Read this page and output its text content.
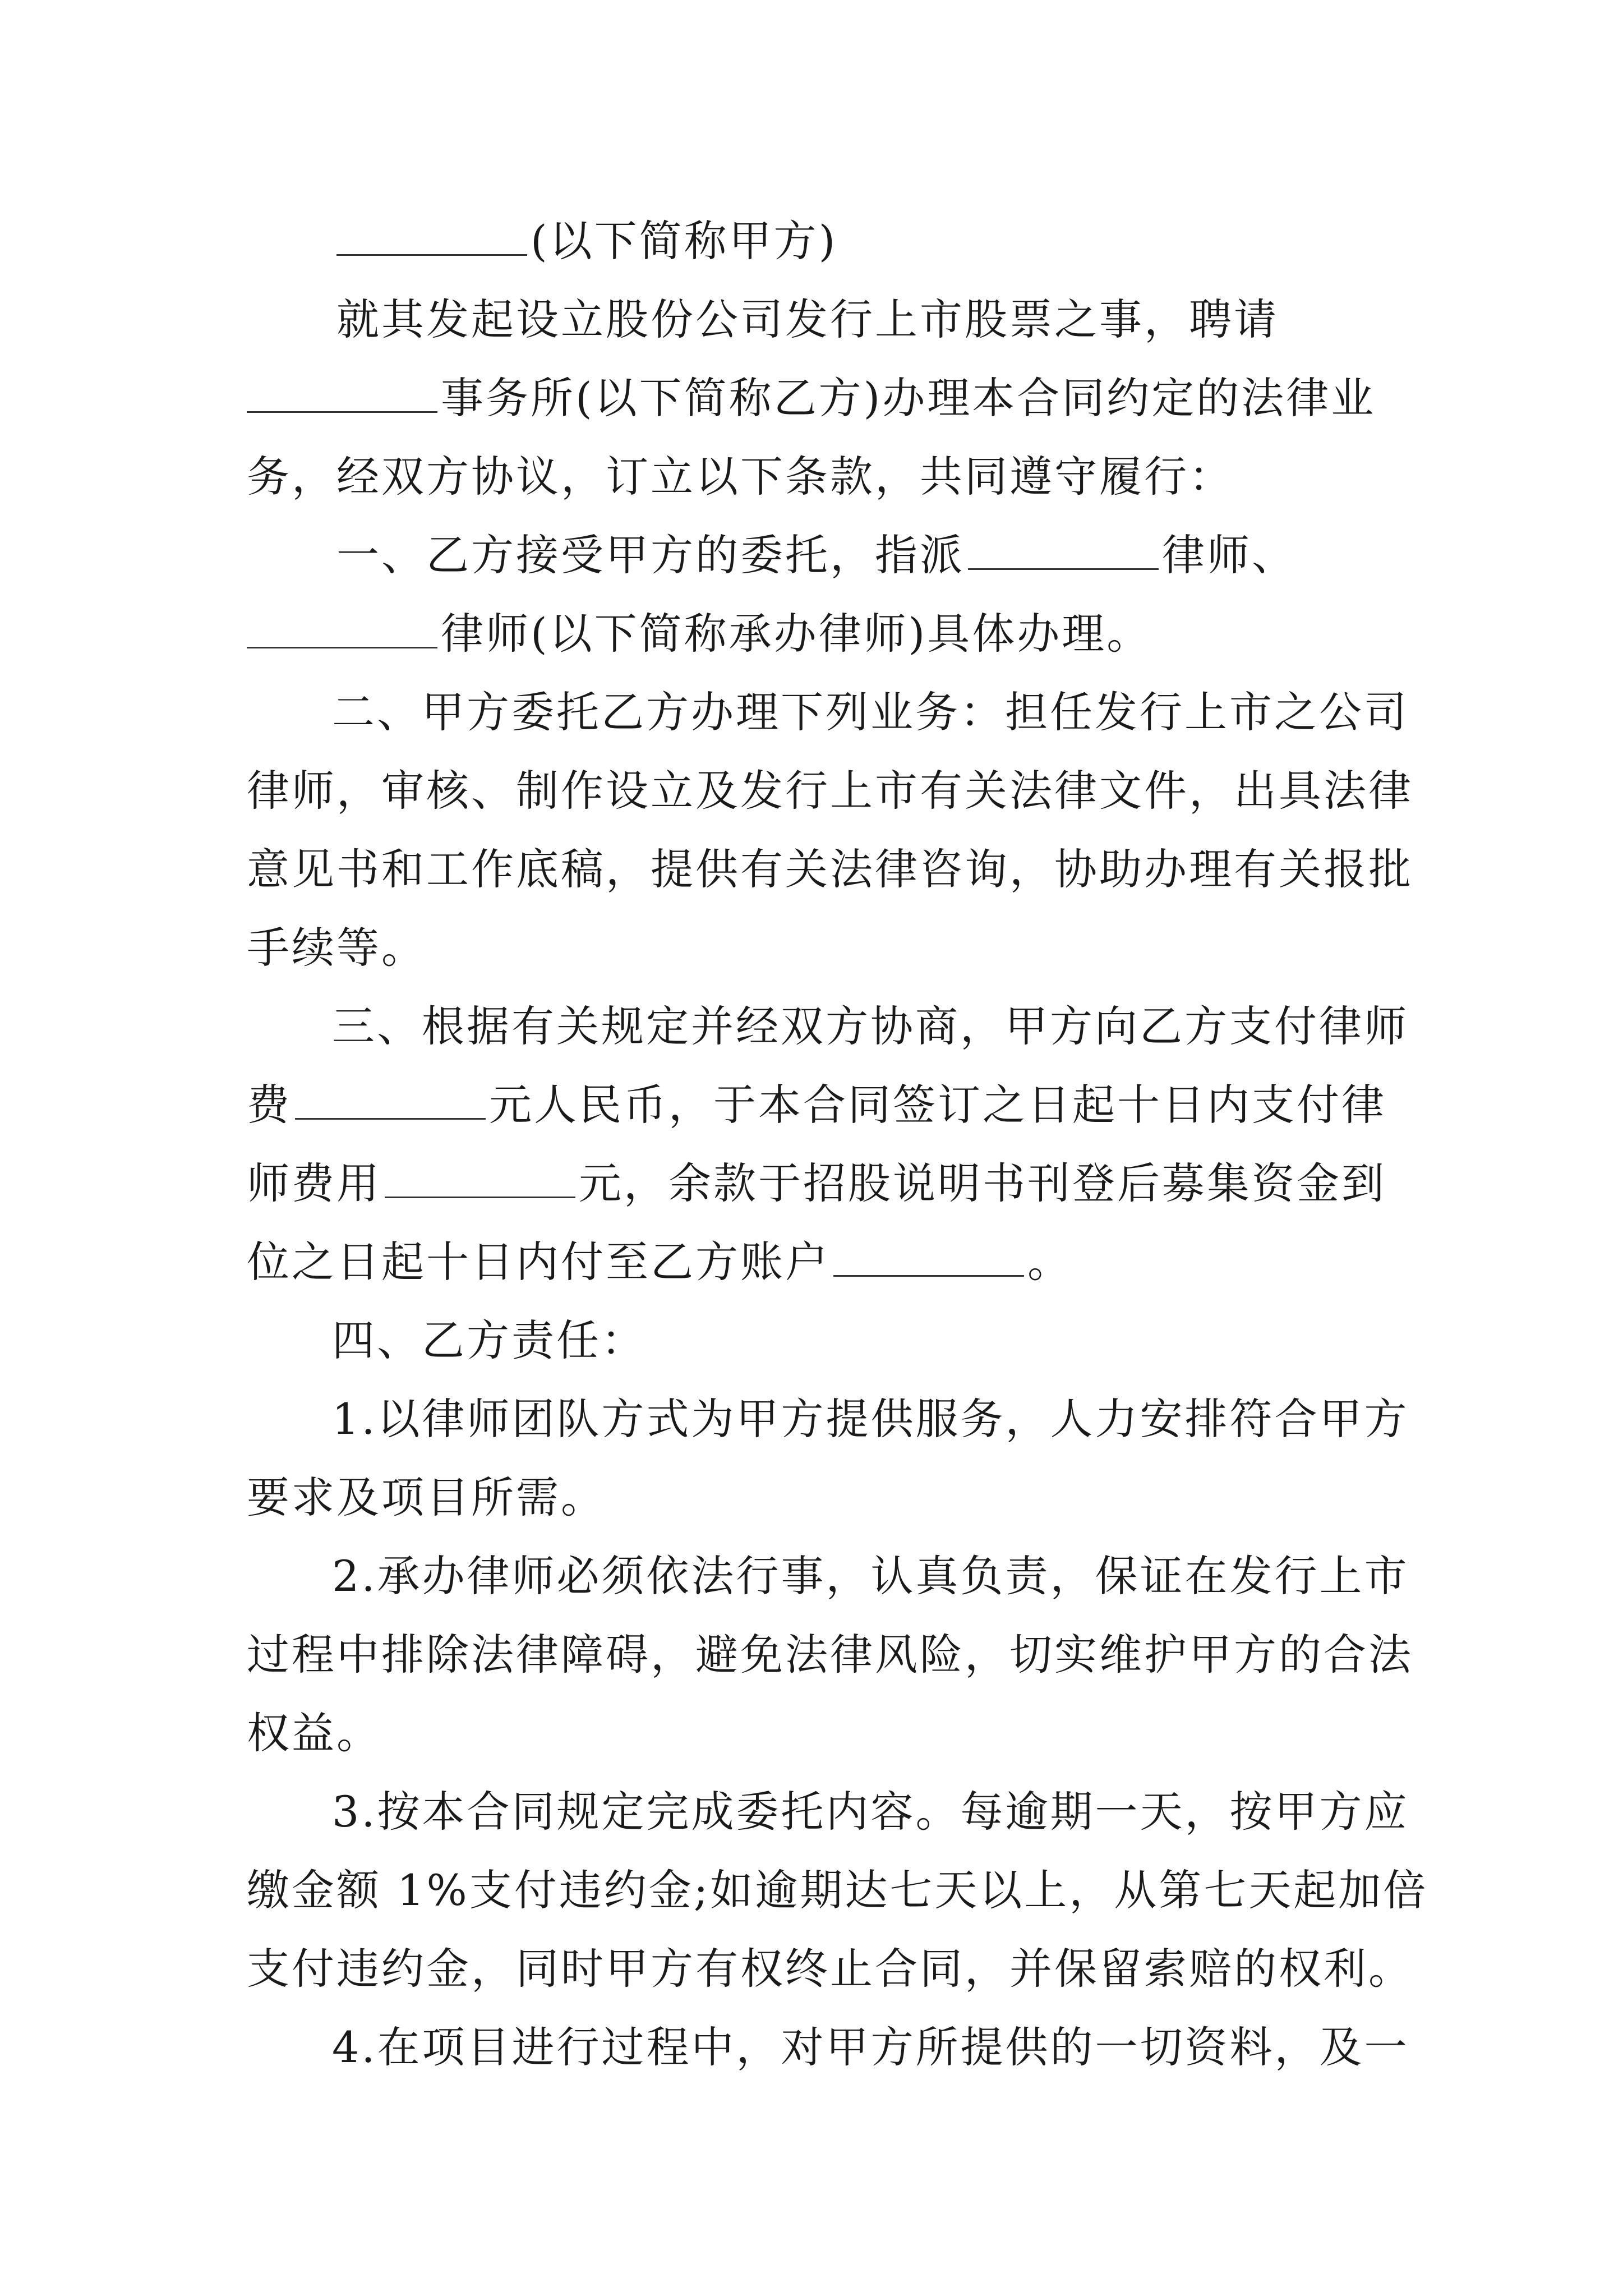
(以下简称甲方)
就其发起设立股份公司发行上市股票之事，聘请
事务所(以下简称乙方)办理本合同约定的法律业
务，经双方协议，订立以下条款，共同遵守履行：
一、乙方接受甲方的委托，指派	律师、
律师(以下简称承办律师)具体办理。
二、甲方委托乙方办理下列业务：担任发行上市之公司
律师，审核、制作设立及发行上市有关法律文件，出具法律
意见书和工作底稿，提供有关法律咨询，协助办理有关报批
手续等。
三、根据有关规定并经双方协商，甲方向乙方支付律师
费	元人民币，于本合同签订之日起十日内支付律
师费用	元，余款于招股说明书刊登后募集资金到
位之日起十日内付至乙方账户	。
四、乙方责任：
1.以律师团队方式为甲方提供服务，人力安排符合甲方
要求及项目所需。
2.承办律师必须依法行事，认真负责，保证在发行上市
过程中排除法律障碍，避免法律风险，切实维护甲方的合法
权益。
3.按本合同规定完成委托内容。每逾期一天，按甲方应
缴金额 1%支付违约金;如逾期达七天以上，从第七天起加倍
支付违约金，同时甲方有权终止合同，并保留索赔的权利。
4.在项目进行过程中，对甲方所提供的一切资料，及一
